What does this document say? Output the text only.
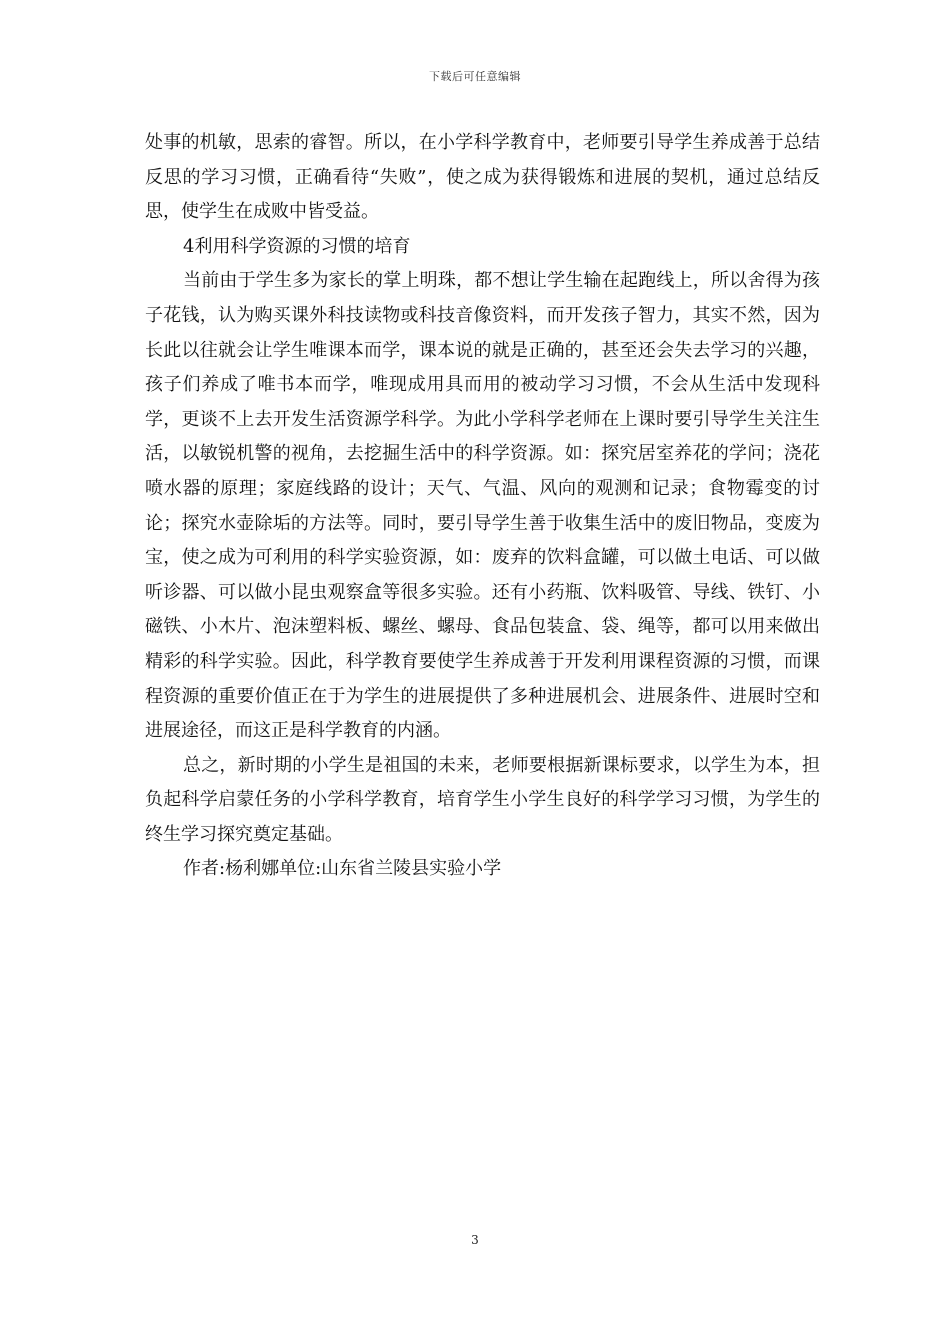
下载后可任意编辑

处事的机敏，思索的睿智。所以，在小学科学教育中，老师要引导学生养成善于总结反思的学习习惯，正确看待“失败”，使之成为获得锻炼和进展的契机，通过总结反思，使学生在成败中皆受益。

4利用科学资源的习惯的培育

当前由于学生多为家长的掌上明珠，都不想让学生输在起跑线上，所以舍得为孩子花钱，认为购买课外科技读物或科技音像资料，而开发孩子智力，其实不然，因为长此以往就会让学生唯课本而学，课本说的就是正确的，甚至还会失去学习的兴趣，孩子们养成了唯书本而学，唯现成用具而用的被动学习习惯，不会从生活中发现科学，更谈不上去开发生活资源学科学。为此小学科学老师在上课时要引导学生关注生活，以敏锐机警的视角，去挖掘生活中的科学资源。如：探究居室养花的学问；浇花喷水器的原理；家庭线路的设计；天气、气温、风向的观测和记录；食物霉变的讨论；探究水壶除垢的方法等。同时，要引导学生善于收集生活中的废旧物品，变废为宝，使之成为可利用的科学实验资源，如：废弃的饮料盒罐，可以做土电话、可以做听诊器、可以做小昆虫观察盒等很多实验。还有小药瓶、饮料吸管、导线、铁钉、小磁铁、小木片、泡沫塑料板、螺丝、螺母、食品包装盒、袋、绳等，都可以用来做出精彩的科学实验。因此，科学教育要使学生养成善于开发利用课程资源的习惯，而课程资源的重要价值正在于为学生的进展提供了多种进展机会、进展条件、进展时空和进展途径，而这正是科学教育的内涵。

总之，新时期的小学生是祖国的未来，老师要根据新课标要求，以学生为本，担负起科学启蒙任务的小学科学教育，培育学生小学生良好的科学学习习惯，为学生的终生学习探究奠定基础。

作者:杨利娜单位:山东省兰陵县实验小学

3
